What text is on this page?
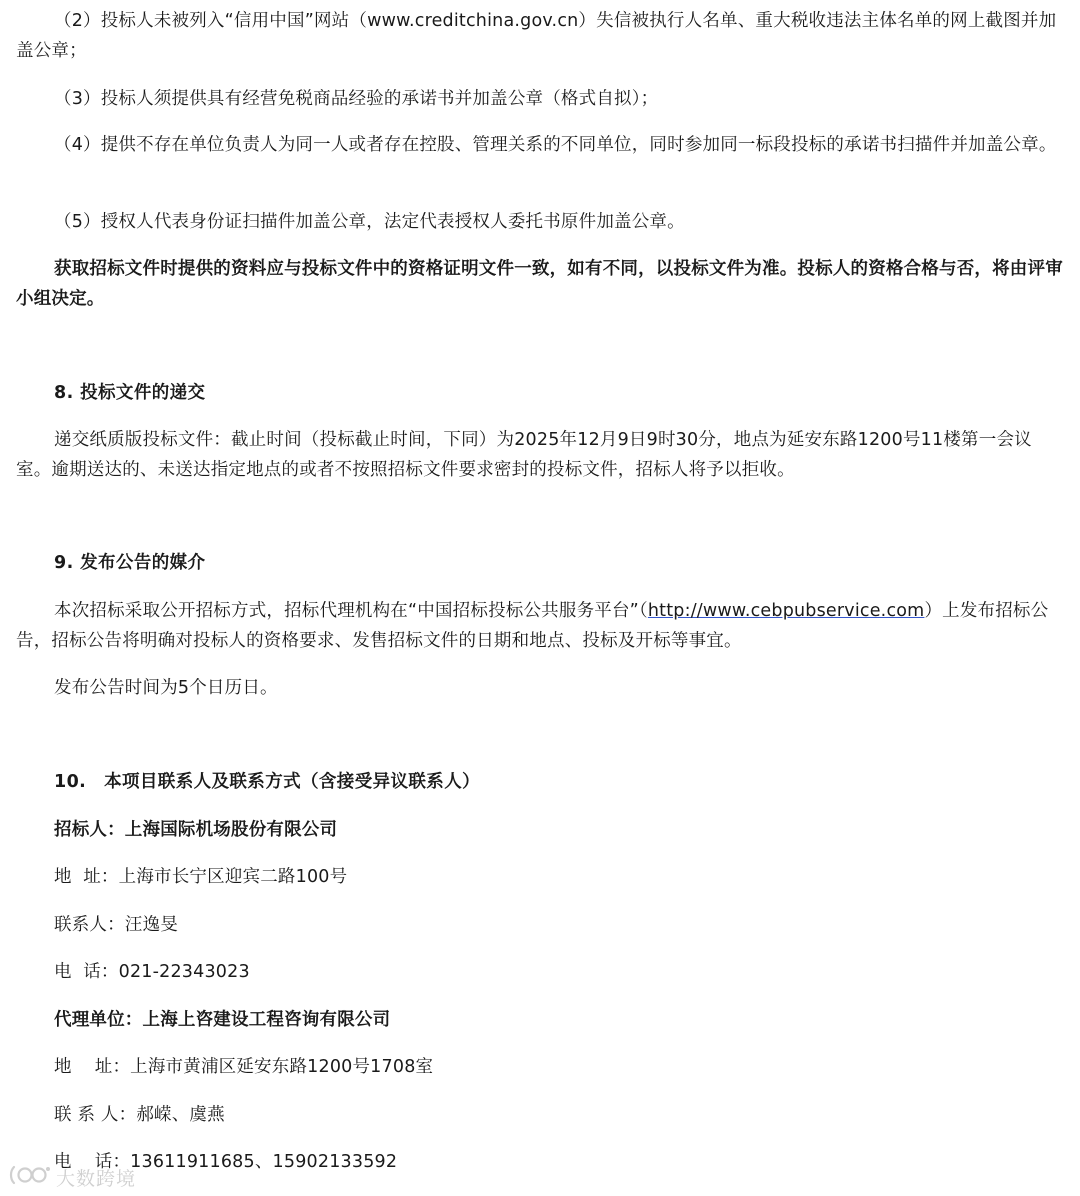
（2）投标人未被列入“信用中国”网站（www.creditchina.gov.cn）失信被执行人名单、重大税收违法主体名单的网上截图并加盖公章；

（3）投标人须提供具有经营免税商品经验的承诺书并加盖公章（格式自拟）；

（4）提供不存在单位负责人为同一人或者存在控股、管理关系的不同单位，同时参加同一标段投标的承诺书扫描件并加盖公章。

（5）授权人代表身份证扫描件加盖公章，法定代表授权人委托书原件加盖公章。

获取招标文件时提供的资料应与投标文件中的资格证明文件一致，如有不同，以投标文件为准。投标人的资格合格与否，将由评审小组决定。

8. 投标文件的递交

递交纸质版投标文件：截止时间（投标截止时间，下同）为2025年12月9日9时30分，地点为延安东路1200号11楼第一会议室。逾期送达的、未送达指定地点的或者不按照招标文件要求密封的投标文件，招标人将予以拒收。

9. 发布公告的媒介

本次招标采取公开招标方式，招标代理机构在“中国招标投标公共服务平台”（http://www.cebpubservice.com）上发布招标公告，招标公告将明确对投标人的资格要求、发售招标文件的日期和地点、投标及开标等事宜。

发布公告时间为5个日历日。

10.　本项目联系人及联系方式（含接受异议联系人）

招标人：上海国际机场股份有限公司

地  址：上海市长宁区迎宾二路100号

联系人：汪逸旻

电  话：021-22343023

代理单位：上海上咨建设工程咨询有限公司

地    址：上海市黄浦区延安东路1200号1708室

联 系 人：郝嵘、虞燕

电    话：13611911685、15902133592

大数跨境
